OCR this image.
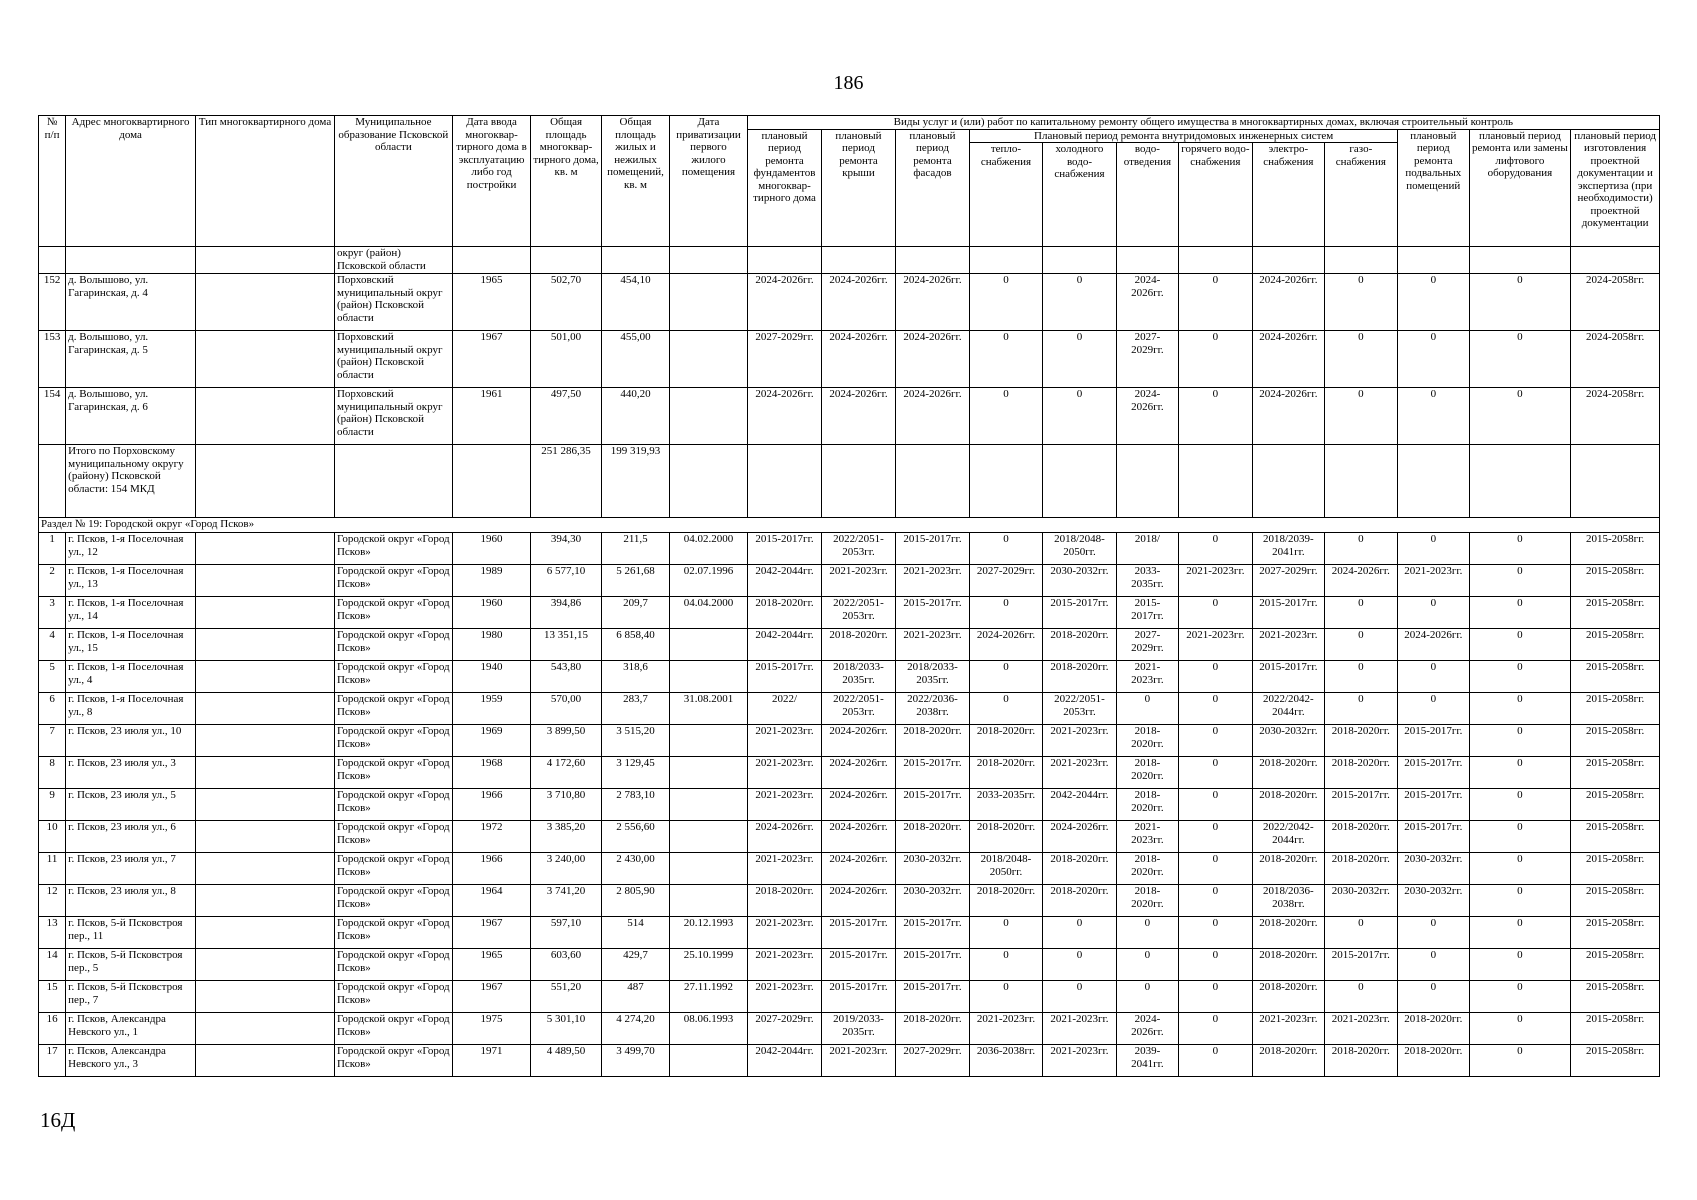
186
№ п/п	Адрес многоквартирного дома	Тип многоквартирного дома	Муниципальное образование Псковской области	Дата ввода многоквар-тирного дома в эксплуатацию либо год постройки	Общая площадь многоквар-тирного дома, кв. м	Общая площадь жилых и нежилых помещений, кв. м	Дата приватизации первого жилого помещения	Виды услуг и (или) работ по капитальному ремонту общего имущества в многоквартирных домах, включая строительный контроль											
								плановый период ремонта фундаментов многоквар-тирного дома	плановый период ремонта крыши	плановый период ремонта фасадов	Плановый период ремонта внутридомовых инженерных систем						плановый период ремонта подвальных помещений	плановый период ремонта или замены лифтового оборудования	плановый период изготовления проектной документации и экспертиза (при необходимости) проектной документации
											тепло-снабжения	холодного водо-снабжения	водо-отведения	горячего водо-снабжения	электро-снабжения	газо-снабжения			
			округ (район) Псковской области																
152	д. Волышово, ул. Гагаринская, д. 4		Порховский муниципальный округ (район) Псковской области	1965	502,70	454,10		2024-2026гг.	2024-2026гг.	2024-2026гг.	0	0	2024-2026гг.	0	2024-2026гг.	0	0	0	2024-2058гг.
153	д. Волышово, ул. Гагаринская, д. 5		Порховский муниципальный округ (район) Псковской области	1967	501,00	455,00		2027-2029гг.	2024-2026гг.	2024-2026гг.	0	0	2027-2029гг.	0	2024-2026гг.	0	0	0	2024-2058гг.
154	д. Волышово, ул. Гагаринская, д. 6		Порховский муниципальный округ (район) Псковской области	1961	497,50	440,20		2024-2026гг.	2024-2026гг.	2024-2026гг.	0	0	2024-2026гг.	0	2024-2026гг.	0	0	0	2024-2058гг.
	Итого по Порховскому муниципальному округу (району) Псковской области: 154 МКД				251 286,35	199 319,93													
Раздел № 19: Городской округ «Город Псков»																			
1	г. Псков, 1-я Поселочная ул., 12		Городской округ «Город Псков»	1960	394,30	211,5	04.02.2000	2015-2017гг.	2022/2051-2053гг.	2015-2017гг.	0	2018/2048-2050гг.	2018/	0	2018/2039-2041гг.	0	0	0	2015-2058гг.
2	г. Псков, 1-я Поселочная ул., 13		Городской округ «Город Псков»	1989	6 577,10	5 261,68	02.07.1996	2042-2044гг.	2021-2023гг.	2021-2023гг.	2027-2029гг.	2030-2032гг.	2033-2035гг.	2021-2023гг.	2027-2029гг.	2024-2026гг.	2021-2023гг.	0	2015-2058гг.
3	г. Псков, 1-я Поселочная ул., 14		Городской округ «Город Псков»	1960	394,86	209,7	04.04.2000	2018-2020гг.	2022/2051-2053гг.	2015-2017гг.	0	2015-2017гг.	2015-2017гг.	0	2015-2017гг.	0	0	0	2015-2058гг.
4	г. Псков, 1-я Поселочная ул., 15		Городской округ «Город Псков»	1980	13 351,15	6 858,40		2042-2044гг.	2018-2020гг.	2021-2023гг.	2024-2026гг.	2018-2020гг.	2027-2029гг.	2021-2023гг.	2021-2023гг.	0	2024-2026гг.	0	2015-2058гг.
5	г. Псков, 1-я Поселочная ул., 4		Городской округ «Город Псков»	1940	543,80	318,6		2015-2017гг.	2018/2033-2035гг.	2018/2033-2035гг.	0	2018-2020гг.	2021-2023гг.	0	2015-2017гг.	0	0	0	2015-2058гг.
6	г. Псков, 1-я Поселочная ул., 8		Городской округ «Город Псков»	1959	570,00	283,7	31.08.2001	2022/	2022/2051-2053гг.	2022/2036-2038гг.	0	2022/2051-2053гг.	0	0	2022/2042-2044гг.	0	0	0	2015-2058гг.
7	г. Псков, 23 июля ул., 10		Городской округ «Город Псков»	1969	3 899,50	3 515,20		2021-2023гг.	2024-2026гг.	2018-2020гг.	2018-2020гг.	2021-2023гг.	2018-2020гг.	0	2030-2032гг.	2018-2020гг.	2015-2017гг.	0	2015-2058гг.
8	г. Псков, 23 июля ул., 3		Городской округ «Город Псков»	1968	4 172,60	3 129,45		2021-2023гг.	2024-2026гг.	2015-2017гг.	2018-2020гг.	2021-2023гг.	2018-2020гг.	0	2018-2020гг.	2018-2020гг.	2015-2017гг.	0	2015-2058гг.
9	г. Псков, 23 июля ул., 5		Городской округ «Город Псков»	1966	3 710,80	2 783,10		2021-2023гг.	2024-2026гг.	2015-2017гг.	2033-2035гг.	2042-2044гг.	2018-2020гг.	0	2018-2020гг.	2015-2017гг.	2015-2017гг.	0	2015-2058гг.
10	г. Псков, 23 июля ул., 6		Городской округ «Город Псков»	1972	3 385,20	2 556,60		2024-2026гг.	2024-2026гг.	2018-2020гг.	2018-2020гг.	2024-2026гг.	2021-2023гг.	0	2022/2042-2044гг.	2018-2020гг.	2015-2017гг.	0	2015-2058гг.
11	г. Псков, 23 июля ул., 7		Городской округ «Город Псков»	1966	3 240,00	2 430,00		2021-2023гг.	2024-2026гг.	2030-2032гг.	2018/2048-2050гг.	2018-2020гг.	2018-2020гг.	0	2018-2020гг.	2018-2020гг.	2030-2032гг.	0	2015-2058гг.
12	г. Псков, 23 июля ул., 8		Городской округ «Город Псков»	1964	3 741,20	2 805,90		2018-2020гг.	2024-2026гг.	2030-2032гг.	2018-2020гг.	2018-2020гг.	2018-2020гг.	0	2018/2036-2038гг.	2030-2032гг.	2030-2032гг.	0	2015-2058гг.
13	г. Псков, 5-й Псковстроя пер., 11		Городской округ «Город Псков»	1967	597,10	514	20.12.1993	2021-2023гг.	2015-2017гг.	2015-2017гг.	0	0	0	0	2018-2020гг.	0	0	0	2015-2058гг.
14	г. Псков, 5-й Псковстроя пер., 5		Городской округ «Город Псков»	1965	603,60	429,7	25.10.1999	2021-2023гг.	2015-2017гг.	2015-2017гг.	0	0	0	0	2018-2020гг.	2015-2017гг.	0	0	2015-2058гг.
15	г. Псков, 5-й Псковстроя пер., 7		Городской округ «Город Псков»	1967	551,20	487	27.11.1992	2021-2023гг.	2015-2017гг.	2015-2017гг.	0	0	0	0	2018-2020гг.	0	0	0	2015-2058гг.
16	г. Псков, Александра Невского ул., 1		Городской округ «Город Псков»	1975	5 301,10	4 274,20	08.06.1993	2027-2029гг.	2019/2033-2035гг.	2018-2020гг.	2021-2023гг.	2021-2023гг.	2024-2026гг.	0	2021-2023гг.	2021-2023гг.	2018-2020гг.	0	2015-2058гг.
17	г. Псков, Александра Невского ул., 3		Городской округ «Город Псков»	1971	4 489,50	3 499,70		2042-2044гг.	2021-2023гг.	2027-2029гг.	2036-2038гг.	2021-2023гг.	2039-2041гг.	0	2018-2020гг.	2018-2020гг.	2018-2020гг.	0	2015-2058гг.
16Д
